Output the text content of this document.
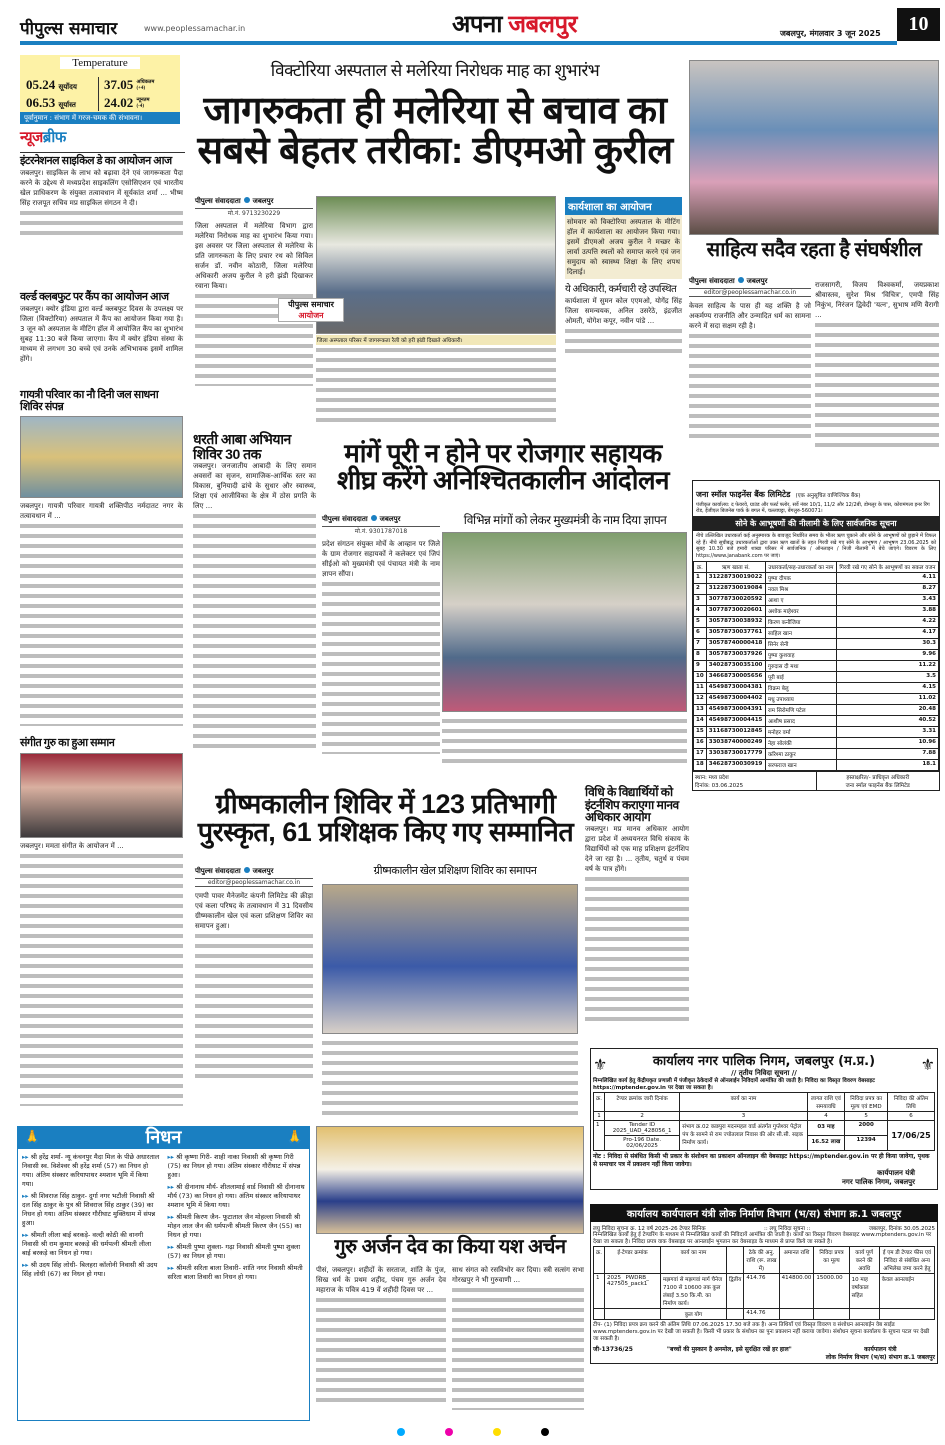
पीपुल्स समाचार	www.peoplessamachar.in	अपना जबलपुर	जबलपुर, मंगलवार 3 जून 2025	10
Temperature
05.24 सूर्योदय
06.53 सूर्यास्त
37.05 अधिकतम (+4)
24.02 न्यूनतम (-4)
पूर्वानुमान : संभाग में गरज-चमक की संभावना।
न्यूजब्रीफ
इंटरनेशनल साइकिल डे का आयोजन आज
जबलपुर। साइकिल के लाभ को बढ़ावा देने एवं जागरूकता पैदा करने के उद्देश्य से मध्यप्रदेश साइकलिंग एसोसिएशन एवं भारतीय खेल प्राधिकरण के संयुक्त तत्वावधान में सूर्यकांत शर्मा ... भीष्म सिंह राजपूत सचिव मप्र साइकिल संगठन ने दी।
वर्ल्ड क्लबफुट पर कैंप का आयोजन आज
जबलपुर। क्योर इंडिया द्वारा वर्ल्ड क्लबफुट दिवस के उपलक्ष्य पर जिला (विक्टोरिया) अस्पताल में कैंप का आयोजन किया गया है। 3 जून को अस्पताल के मीटिंग हॉल में आयोजित कैंप का शुभारंभ सुबह 11:30 बजे किया जाएगा। कैंप में क्योर इंडिया संस्था के माध्यम से लगभग 30 बच्चे एवं उनके अभिभावक इसमें शामिल होंगे।
गायत्री परिवार का नौ दिनी जल साधना शिविर संपन्न
जबलपुर। गायत्री परिवार गायत्री शक्तिपीठ नर्मदातट नगर के तत्वावधान में ...
संगीत गुरु का हुआ सम्मान
जबलपुर। ममता संगीत के आयोजन में ...
विक्टोरिया अस्पताल से मलेरिया निरोधक माह का शुभारंभ
जागरुकता ही मलेरिया से बचाव का सबसे बेहतर तरीका: डीएमओ कुरील
पीपुल्स संवाददाता जबलपुर
मो.नं. 9713230229
जिला अस्पताल में मलेरिया विभाग द्वारा मलेरिया निरोधक माह का शुभारंभ किया गया। इस अवसर पर जिला अस्पताल से मलेरिया के प्रति जागरुकता के लिए प्रचार रथ को सिविल सर्जन डॉ. नवीन कोठारी, जिला मलेरिया अधिकारी अजय कुरील ने हरी झंडी दिखाकर रवाना किया।
पीपुल्स समाचार
आयोजन
जिला अस्पताल परिसर में जागरूकता रैली को हरी झंडी दिखाते अधिकारी।
कार्यशाला का आयोजन
सोमवार को विक्टोरिया अस्पताल के मीटिंग हॉल में कार्यशाला का आयोजन किया गया। इसमें डीएमओ अजय कुरील ने मच्छर के लार्वा उत्पत्ति स्थलों को समाप्त करने एवं जन समुदाय को स्वास्थ्य शिक्षा के लिए शपथ दिलाई।
ये अधिकारी, कर्मचारी रहे उपस्थित
कार्यशाला में सुमन कोल एएमओ, योगेंद्र सिंह जिला समन्वयक, अनिल उसरेठे, इंद्रजीत ओमती, योगेश कपूर, नवीन पांडे ...
धरती आबा अभियान शिविर 30 तक
जबलपुर। जनजातीय आबादी के लिए समान अवसरों का सृजन, सामाजिक-आर्थिक स्तर का विकास, बुनियादी ढांचे के सुधार और स्वास्थ्य, शिक्षा एवं आजीविका के क्षेत्र में ठोस प्रगति के लिए ...
मांगें पूरी न होने पर रोजगार सहायक शीघ्र करेंगे अनिश्चितकालीन आंदोलन
पीपुल्स संवाददाता जबलपुर
मो.नं. 9301787018
प्रदेश संगठन संयुक्त मोर्चे के आव्हान पर जिले के ग्राम रोजगार सहायकों ने कलेक्टर एवं जिपं सीईओ को मुख्यमंत्री एवं पंचायत मंत्री के नाम ज्ञापन सौंपा।
विभिन्न मांगों को लेकर मुख्यमंत्री के नाम दिया ज्ञापन
साहित्य सदैव रहता है संघर्षशील
पीपुल्स संवाददाता जबलपुर
editor@peoplessamachar.co.in
केवल साहित्य के पास ही यह शक्ति है जो अकर्मण्य राजनीति और उन्मादित धर्म का सामना करने में सदा सक्षम रही है।
राजसागरी, विजय विश्वकर्मा, जयप्रकाश श्रीवास्तव, सुरेश मिश्र 'विचित्र', एमपी सिंह निकुंभ, निरंजन द्विवेदी 'यत्न', सुभाष मणि वैरागी ...
जना स्मॉल फाइनेंस बैंक लिमिटेड (एक अनुसूचित वाणिज्यिक बैंक)
पंजीकृत कार्यालय: द फेयरवे, ग्राउंड और फर्स्ट फ्लोर, सर्वे नंबर 10/1, 11/2 और 12/2बी, डोमलूर के पास, कोरामंगला इनर रिंग रोड, ईजीएल बिजनेस पार्क के बगल में, चल्लाघट्टा, बेंगलुरु-560071।
सोने के आभूषणों की नीलामी के लिए सार्वजनिक सूचना
नीचे उल्लिखित उधारकर्ता कई अनुस्मारक के बावजूद निर्धारित समय के भीतर ऋण चुकाने और सोने के आभूषणों को छुड़ाने में विफल रहे हैं। नीचे सूचीबद्ध उधारकर्ताओं द्वारा उक्त ऋण खातों के तहत गिरवी रखे गए सोने के आभूषण / आभूषण 23.06.2025 को सुबह 10.30 बजे हमारी शाखा परिसर में सार्वजनिक / ऑनलाइन / निजी नीलामी में बेचे जाएंगे। विवरण के लिए https://www.janabank.com पर जाएं।
क्र.	ऋण खाता सं.	उधारकर्ता/सह-उधारकर्ता का नाम	गिरवी रखे गए सोने के आभूषणों का सकल वजन
1	31228730019022	पुष्पा दीपक	4.11
2	31228730019084	नवल मिश्र	8.27
3	30778730020592	आशा ए	3.43
4	30778730020601	अशोक माहेश्वर	3.88
5	30578730038932	किरण कनौजिया	4.22
6	30578730037761	साहिल खान	4.17
7	30578740000418	सिनेर सेनी	30.3
8	30578730037926	पुष्पा कुशवाह	9.96
9	34028730035100	गुरुदास दी मथा	11.22
10	34668730005656	पूरी बाई	3.5
11	45498730004381	विक्रम बेलु	4.15
12	45498730004402	मधु उपाध्याय	11.02
13	45498730004391	राम सिरोमणि पटेल	20.48
14	45498730004415	आशीष प्रसाद	40.52
15	31168730012845	मनोहर वर्मा	3.31
16	33038740000249	नेहा सोलंकी	10.96
17	33038730017779	करिश्मा ठाकुर	7.88
18	34628730030919	सरफराज खान	18.1
स्थान: मध्य प्रदेश
दिनांक: 03.06.2025
हस्ताक्षरित/- प्राधिकृत अधिकारी
जना स्मॉल फाइनेंस बैंक लिमिटेड
ग्रीष्मकालीन शिविर में 123 प्रतिभागी पुरस्कृत, 61 प्रशिक्षक किए गए सम्मानित
पीपुल्स संवाददाता जबलपुर
editor@peoplessamachar.co.in
एमपी पावर मैनेजमेंट कंपनी लिमिटेड की क्रीड़ा एवं कला परिषद के तत्वावधान में 31 दिवसीय ग्रीष्मकालीन खेल एवं कला प्रशिक्षण शिविर का समापन हुआ।
ग्रीष्मकालीन खेल प्रशिक्षण शिविर का समापन
विधि के विद्यार्थियों को इंटर्नशिप कराएगा मानव अधिकार आयोग
जबलपुर। मप्र मानव अधिकार आयोग द्वारा प्रदेश में अध्ययनरत विधि संकाय के विद्यार्थियों को एक माह प्रशिक्षण इंटर्नशिप देने जा रहा है। ... तृतीय, चतुर्थ व पंचम वर्ष के पात्र होंगे।
⚜	कार्यालय नगर पालिक निगम, जबलपुर (म.प्र.)
// तृतीय निविदा सूचना //	⚜
निम्नलिखित कार्य हेतु केंद्रीयकृत प्रणाली में पंजीकृत ठेकेदारों से ऑनलाईन निविदायें आमंत्रित की जाती है। निविदा का विस्तृत विवरण वेबसाइट https://mptender.gov.in पर देखा जा सकता है।
क्र.	टेण्डर क्रमांक जारी दिनांक	कार्य का नाम	लागत राशि एवं समयावधि	निविदा प्रपत्र का मूल्य एवं EMD	निविदा की अंतिम तिथि
1	2	3	4	5	6
1	Tender ID 2025_UAD_428056_1	संभाग क्र.02 कछपुरा मदनमहल वार्ड अंतर्गत गुप्तेश्वर पेट्रोल पंप के सामने से राम ज्योतलाल निवास की ओर सी.सी. सड़क निर्माण कार्य।	03 माह	2000	17/06/25
	Pro-196 Date. 02/06/2025		16.52 लाख	12394	
नोट : निविदा से संबंधित किसी भी प्रकार के संशोधन का प्रकाशन ऑनलाइन की वेबसाइट https://mptender.gov.in पर ही किया जावेगा, पृथक से समाचार पत्र में प्रकाशन नहीं किया जावेगा।
कार्यपालन यंत्री
नगर पालिक निगम, जबलपुर
कार्यालय कार्यपालन यंत्री लोक निर्माण विभाग (भ/स) संभाग क्र.1 जबलपुर
लघु निविदा सूचना क्र. 12 वर्ष 2025-26 टेण्डर सिनिक	:: लघु निविदा सूचना ::	जबलपुर, दिनांक 30.05.2025
निम्नलिखित कार्यों हेतु ई टेण्डरिंग के माध्यम से निम्नलिखित कार्यों की निविदायें आमंत्रित की जाती है। कार्यों का विस्तृत विवरण वेबसाइट www.mptenders.gov.in पर देखा जा सकता है। निविदा प्रपत्र वाक वेबसाइड पर आनलाईन भुगतान कर वेबसाइड के माध्यम से प्राप्त किये जा सकते है।
क्र.	ई-टेण्डर क्रमांक	कार्य का नाम		ठेके की अनु. राशि (रू. लाख में)	अमानत राशि	निविदा प्रपत्र का मूल्य	कार्य पूर्ण करने की अवधि	ई एम डी टेण्डर फीस एवं निविदा से संबंधित अन्य अभिलेख जमा करने हेतु
1	2025_ PWDRB_ 427505_pack1	मझगवां से मझगवां मार्ग चैनेज 7100 से 10600 तक कुल लंबाई 3.50 कि.मी. का निर्माण कार्य।	द्वितीय	414.76	414800.00	15000.00	10 माह वर्षाकाल सहित	केवल आनलाईन
		कुल योग		414.76				
टीप- (1) निविदा प्रपत्र क्रय करने की अंतिम तिथि 07.06.2025 17.30 बजे तक है। अन्य तिथियाँ एवं विस्तृत विवरण व संशोधन आनलाईन वेब साईड www.mptenders.gov.in पर देखी जा सकती है। किसी भी प्रकार के संशोधन का पुनः प्रकाशन नहीं कराया जावेगा। संशोधन सूचना कार्यालय के सूचना पटल पर देखी जा सकती है।
जी-13736/25	"बच्चों की मुस्कान है अनमोल, इसे सुरक्षित रखें हर हाल"	कार्यपालन यंत्री
लोक निर्माण विभाग (भ/स) संभाग क्र.1 जबलपुर
🙏	निधन	🙏
▸▸ श्री हरेंद्र शर्मा- न्यू कंचनपुर मैदा मिल के पीछे अधारताल निवासी स्व. विशेश्वर श्री हरेंद्र शर्मा (57) का निधन हो गया। अंतिम संस्कार करियापाथर श्मशान भूमि में किया गया।
▸▸ श्री शिवराज सिंह ठाकुर- दुर्गा नगर भटौली निवासी श्री दल सिंह ठाकुर के पुत्र श्री शिवराज सिंह ठाकुर (39) का निधन हो गया। अंतिम संस्कार गौरीघाट मुक्तिधाम में संपन्न हुआ।
▸▸ श्रीमती लीला बाई बरकड़े- वल्दी कोठी की वानगी निवासी श्री राम कुमार बरकड़े की धर्मपत्नी श्रीमती लीला बाई बरकड़े का निधन हो गया।
▸▸ श्री उदय सिंह लोधी- बिलहरा कॉलोनी निवासी श्री उदय सिंह लोधी (67) का निधन हो गया।
▸▸ श्री कृष्णा गिरी- शाही नाका निवासी श्री कृष्णा गिरी (75) का निधन हो गया। अंतिम संस्कार गौरीघाट में संपन्न हुआ।
▸▸ श्री दीनानाथ मौर्य- शीतलामाई वार्ड निवासी श्री दीनानाथ मौर्य (73) का निधन हो गया। अंतिम संस्कार करियापाथर श्मशान भूमि में किया गया।
▸▸ श्रीमती किरण जैन- फूटाताल जैन मोहल्ला निवासी श्री मोहन लाल जैन की धर्मपत्नी श्रीमती किरण जैन (55) का निधन हो गया।
▸▸ श्रीमती पुष्पा शुक्ला- गढ़ा निवासी श्रीमती पुष्पा शुक्ला (57) का निधन हो गया।
▸▸ श्रीमती सरिता बाला तिवारी- शांति नगर निवासी श्रीमती सरिता बाला तिवारी का निधन हो गया।
गुरु अर्जन देव का किया यश अर्चन
पीसं, जबलपुर। शहीदों के सरताज, शांति के पुंज, सिख धर्म के प्रथम शहीद, पंचम गुरु अर्जन देव महाराज के पवित्र 419 वें शहीदी दिवस पर ...
साध संगत को रसविभोर कर दिया। स्त्री सत्संग सभा गोरखपुर ने भी गुरुवाणी ...
